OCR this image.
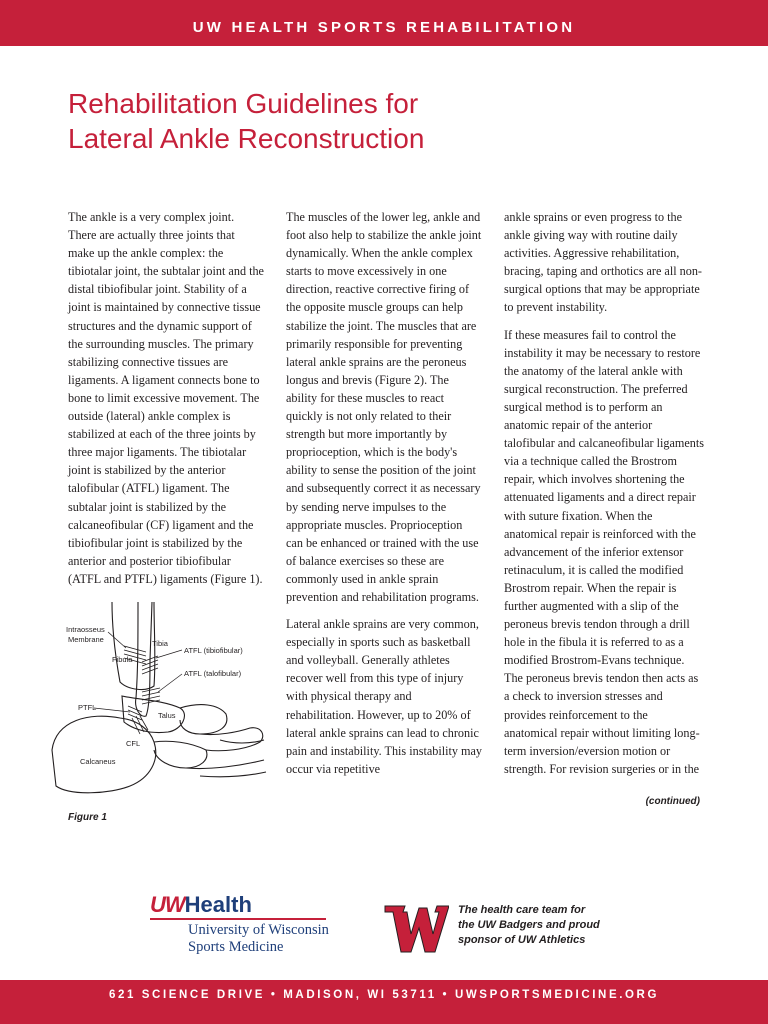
UW HEALTH SPORTS REHABILITATION
Rehabilitation Guidelines for
Lateral Ankle Reconstruction

The ankle is a very complex joint. There are actually three joints that make up the ankle complex: the tibiotalar joint, the subtalar joint and the distal tibiofibular joint. Stability of a joint is maintained by connective tissue structures and the dynamic support of the surrounding muscles. The primary stabilizing connective tissues are ligaments. A ligament connects bone to bone to limit excessive movement. The outside (lateral) ankle complex is stabilized at each of the three joints by three major ligaments. The tibiotalar joint is stabilized by the anterior talofibular (ATFL) ligament. The subtalar joint is stabilized by the calcaneofibular (CF) ligament and the tibiofibular joint is stabilized by the anterior and posterior tibiofibular (ATFL and PTFL) ligaments (Figure 1).

The muscles of the lower leg, ankle and foot also help to stabilize the ankle joint dynamically. When the ankle complex starts to move excessively in one direction, reactive corrective firing of the opposite muscle groups can help stabilize the joint. The muscles that are primarily responsible for preventing lateral ankle sprains are the peroneus longus and brevis (Figure 2). The ability for these muscles to react quickly is not only related to their strength but more importantly by proprioception, which is the body's ability to sense the position of the joint and subsequently correct it as necessary by sending nerve impulses to the appropriate muscles. Proprioception can be enhanced or trained with the use of balance exercises so these are commonly used in ankle sprain prevention and rehabilitation programs.

Lateral ankle sprains are very common, especially in sports such as basketball and volleyball. Generally athletes recover well from this type of injury with physical therapy and rehabilitation. However, up to 20% of lateral ankle sprains can lead to chronic pain and instability. This instability may occur via repetitive

ankle sprains or even progress to the ankle giving way with routine daily activities. Aggressive rehabilitation, bracing, taping and orthotics are all non-surgical options that may be appropriate to prevent instability.

If these measures fail to control the instability it may be necessary to restore the anatomy of the lateral ankle with surgical reconstruction. The preferred surgical method is to perform an anatomic repair of the anterior talofibular and calcaneofibular ligaments via a technique called the Brostrom repair, which involves shortening the attenuated ligaments and a direct repair with suture fixation. When the anatomical repair is reinforced with the advancement of the inferior extensor retinaculum, it is called the modified Brostrom repair. When the repair is further augmented with a slip of the peroneus brevis tendon through a drill hole in the fibula it is referred to as a modified Brostrom-Evans technique. The peroneus brevis tendon then acts as a check to inversion stresses and provides reinforcement to the anatomical repair without limiting long-term inversion/eversion motion or strength. For revision surgeries or in the

Intraosseus
Membrane	Tibia
Fibula
ATFL (tibiofibular)
ATFL (talofibular)
PTFL
Talus
CFL
Calcaneus
Figure 1
(continued)
UWHealth
University of Wisconsin
Sports Medicine
The health care team for
the UW Badgers and proud
sponsor of UW Athletics
621 SCIENCE DRIVE • MADISON, WI 53711 • UWSPORTSMEDICINE.ORG
